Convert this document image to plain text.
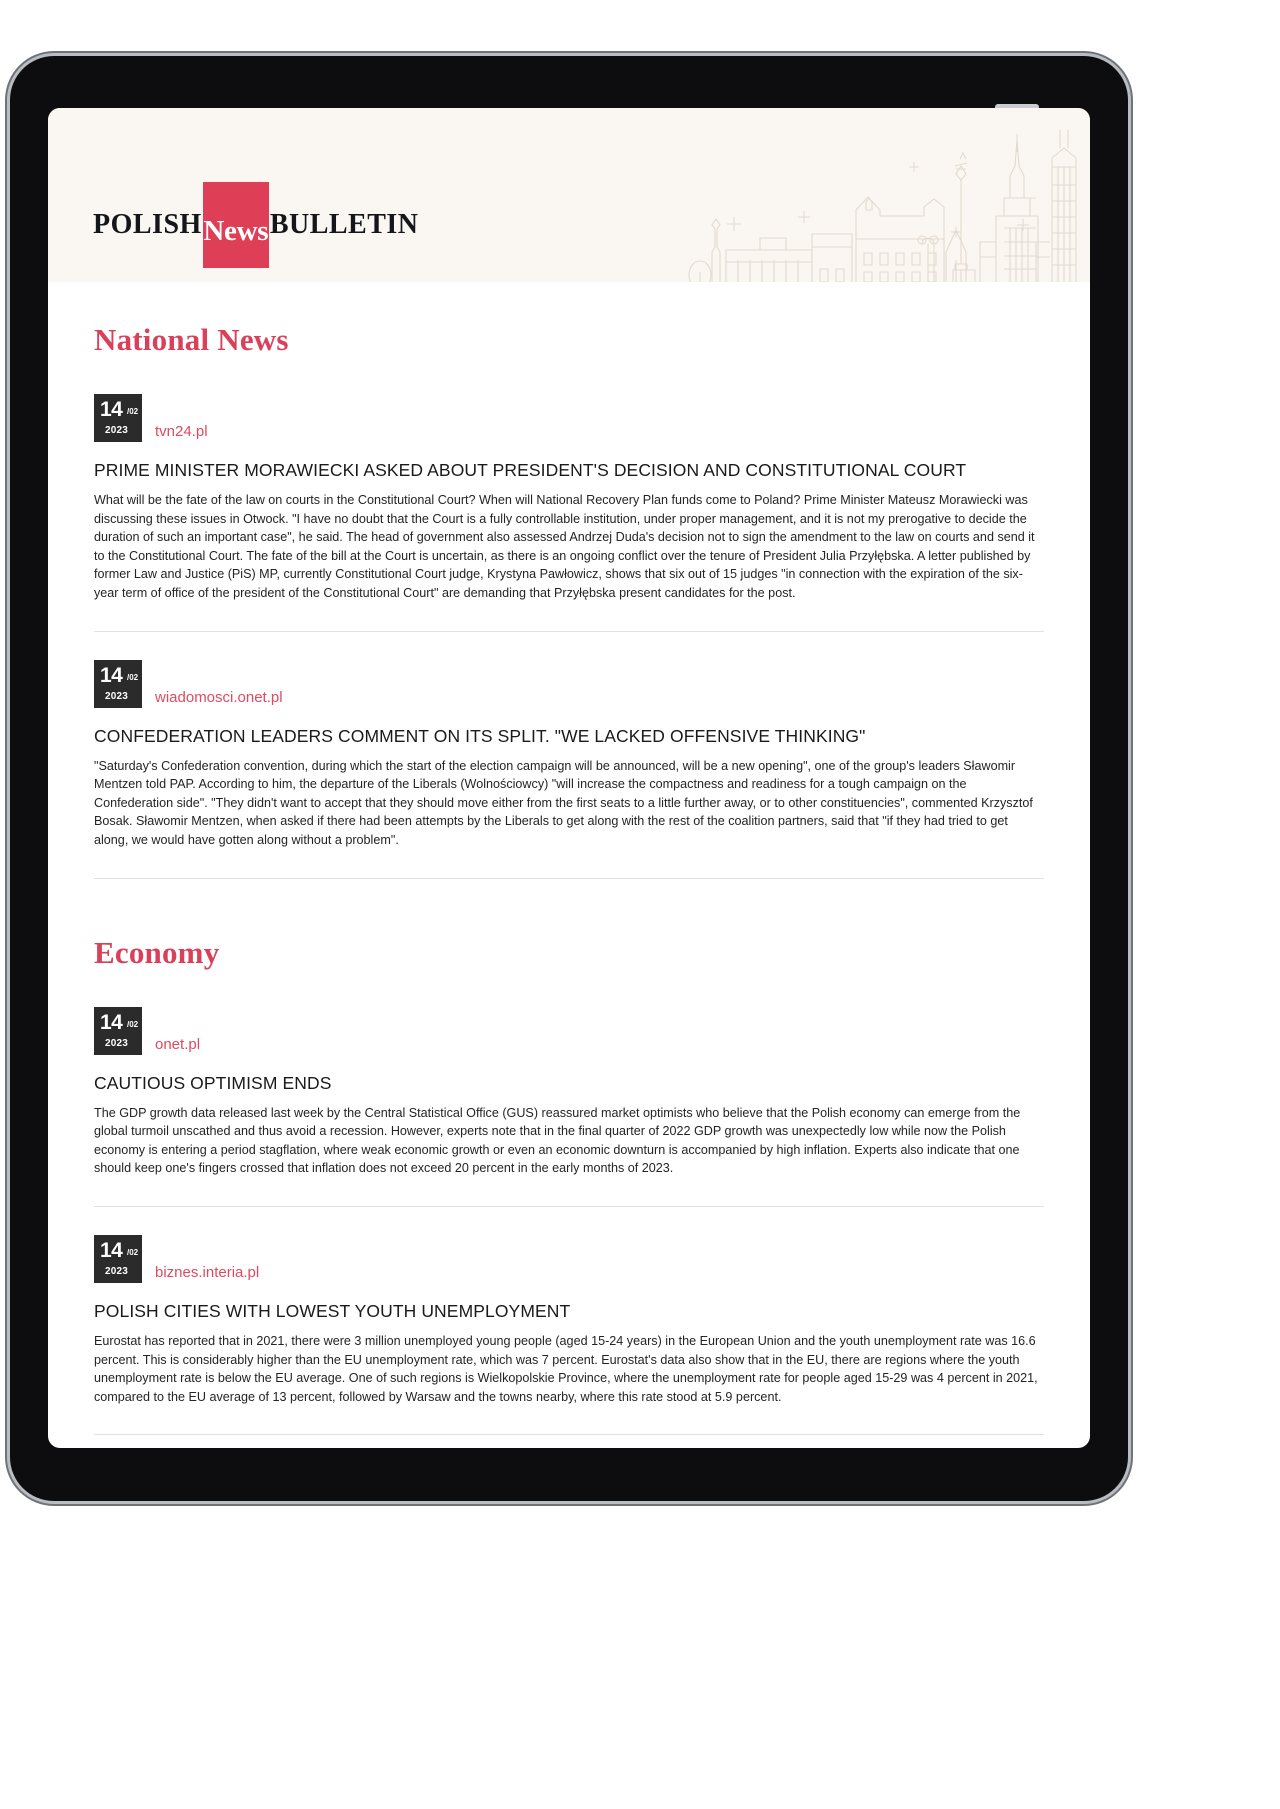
POLISH News BULLETIN
National News
14 /02
2023 tvn24.pl
PRIME MINISTER MORAWIECKI ASKED ABOUT PRESIDENT'S DECISION AND CONSTITUTIONAL COURT

What will be the fate of the law on courts in the Constitutional Court? When will National Recovery Plan funds come to Poland? Prime Minister Mateusz Morawiecki was discussing these issues in Otwock. "I have no doubt that the Court is a fully controllable institution, under proper management, and it is not my prerogative to decide the duration of such an important case", he said. The head of government also assessed Andrzej Duda's decision not to sign the amendment to the law on courts and send it to the Constitutional Court. The fate of the bill at the Court is uncertain, as there is an ongoing conflict over the tenure of President Julia Przyłębska. A letter published by former Law and Justice (PiS) MP, currently Constitutional Court judge, Krystyna Pawłowicz, shows that six out of 15 judges "in connection with the expiration of the six-year term of office of the president of the Constitutional Court" are demanding that Przyłębska present candidates for the post.

14 /02
2023 wiadomosci.onet.pl
CONFEDERATION LEADERS COMMENT ON ITS SPLIT. "WE LACKED OFFENSIVE THINKING"

"Saturday's Confederation convention, during which the start of the election campaign will be announced, will be a new opening", one of the group's leaders Sławomir Mentzen told PAP. According to him, the departure of the Liberals (Wolnościowcy) "will increase the compactness and readiness for a tough campaign on the Confederation side". "They didn't want to accept that they should move either from the first seats to a little further away, or to other constituencies", commented Krzysztof Bosak. Sławomir Mentzen, when asked if there had been attempts by the Liberals to get along with the rest of the coalition partners, said that "if they had tried to get along, we would have gotten along without a problem".

Economy
14 /02
2023 onet.pl
CAUTIOUS OPTIMISM ENDS

The GDP growth data released last week by the Central Statistical Office (GUS) reassured market optimists who believe that the Polish economy can emerge from the global turmoil unscathed and thus avoid a recession. However, experts note that in the final quarter of 2022 GDP growth was unexpectedly low while now the Polish economy is entering a period stagflation, where weak economic growth or even an economic downturn is accompanied by high inflation. Experts also indicate that one should keep one's fingers crossed that inflation does not exceed 20 percent in the early months of 2023.

14 /02
2023 biznes.interia.pl
POLISH CITIES WITH LOWEST YOUTH UNEMPLOYMENT

Eurostat has reported that in 2021, there were 3 million unemployed young people (aged 15-24 years) in the European Union and the youth unemployment rate was 16.6 percent. This is considerably higher than the EU unemployment rate, which was 7 percent. Eurostat's data also show that in the EU, there are regions where the youth unemployment rate is below the EU average. One of such regions is Wielkopolskie Province, where the unemployment rate for people aged 15-29 was 4 percent in 2021, compared to the EU average of 13 percent, followed by Warsaw and the towns nearby, where this rate stood at 5.9 percent.
